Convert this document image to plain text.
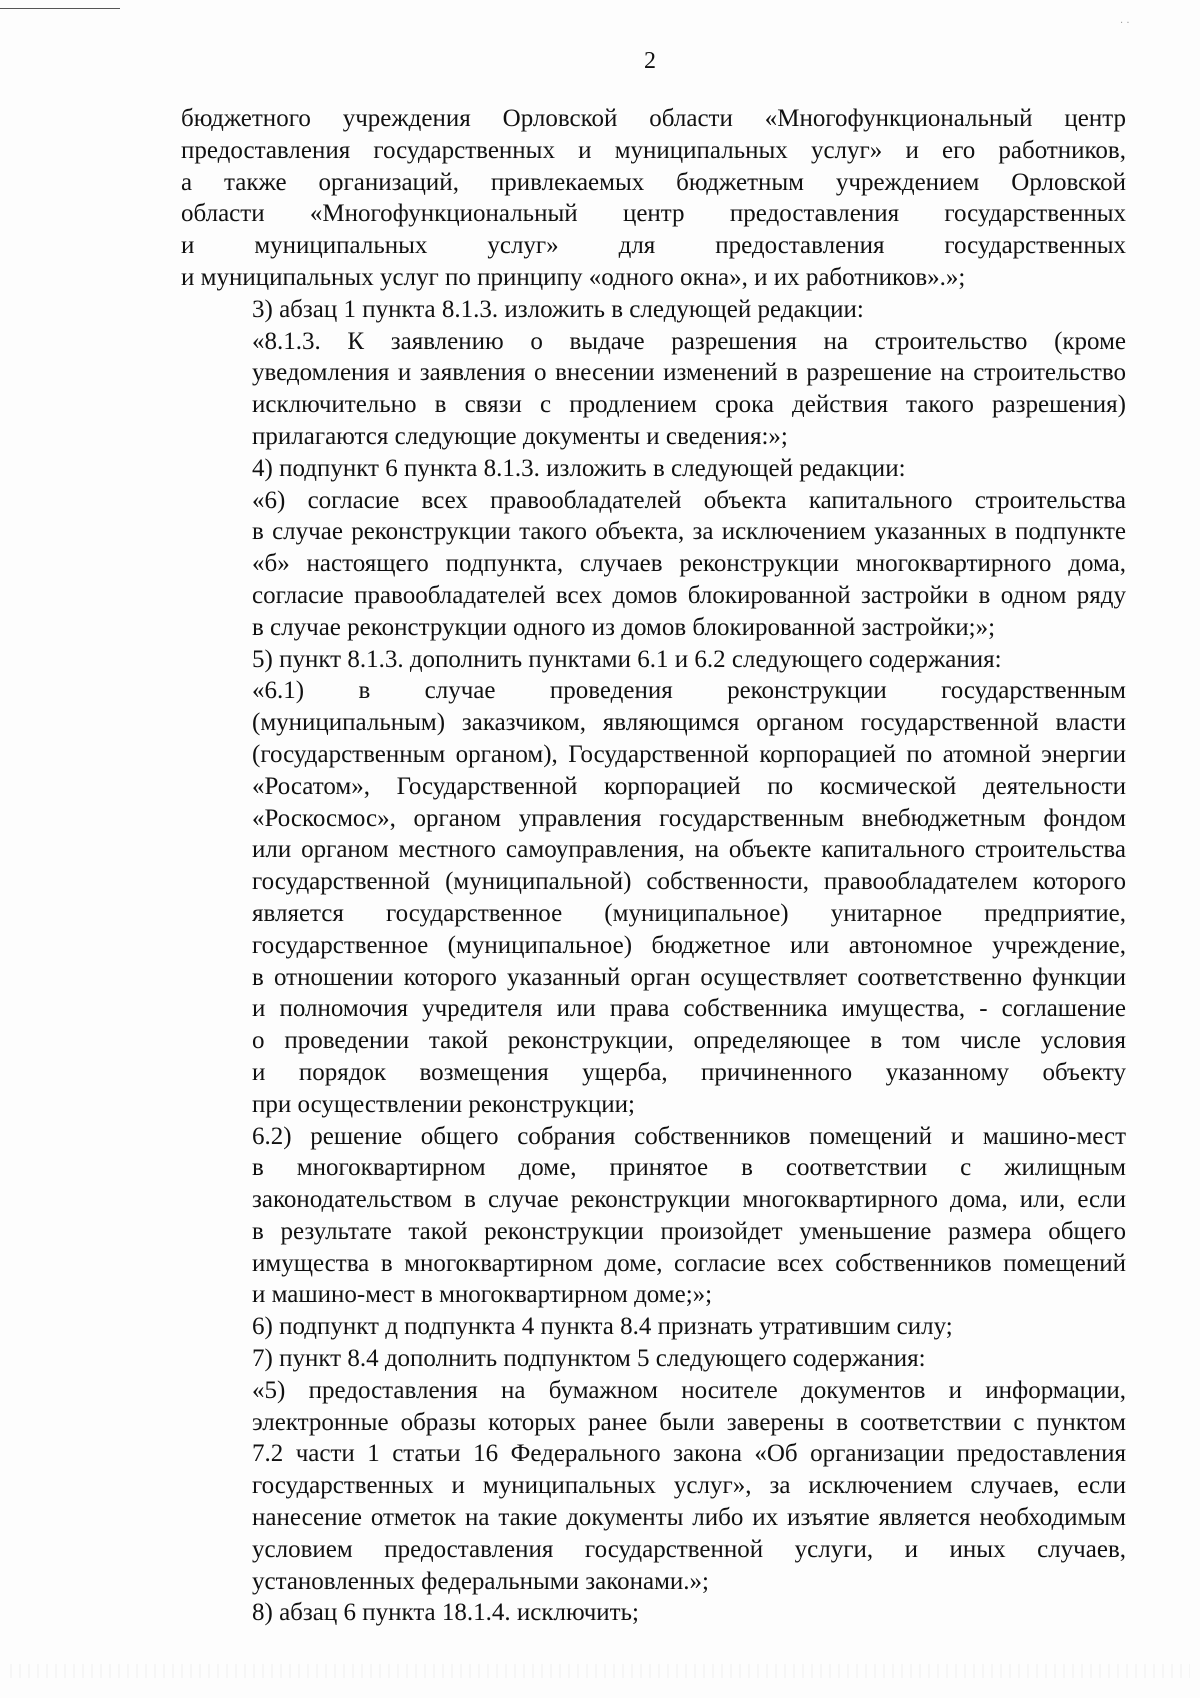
· ·
2
бюджетного учреждения Орловской области «Многофункциональный центр
предоставления государственных и муниципальных услуг» и его работников,
а также организаций, привлекаемых бюджетным учреждением Орловской
области «Многофункциональный центр предоставления государственных
и муниципальных услуг» для предоставления государственных
и муниципальных услуг по принципу «одного окна», и их работников».»;
3) абзац 1 пункта 8.1.3. изложить в следующей редакции:
«8.1.3. К заявлению о выдаче разрешения на строительство (кроме
уведомления и заявления о внесении изменений в разрешение на строительство
исключительно в связи с продлением срока действия такого разрешения)
прилагаются следующие документы и сведения:»;
4) подпункт 6 пункта 8.1.3. изложить в следующей редакции:
«6) согласие всех правообладателей объекта капитального строительства
в случае реконструкции такого объекта, за исключением указанных в подпункте
«б» настоящего подпункта, случаев реконструкции многоквартирного дома,
согласие правообладателей всех домов блокированной застройки в одном ряду
в случае реконструкции одного из домов блокированной застройки;»;
5) пункт 8.1.3. дополнить пунктами 6.1 и 6.2 следующего содержания:
«6.1) в случае проведения реконструкции государственным
(муниципальным) заказчиком, являющимся органом государственной власти
(государственным органом), Государственной корпорацией по атомной энергии
«Росатом», Государственной корпорацией по космической деятельности
«Роскосмос», органом управления государственным внебюджетным фондом
или органом местного самоуправления, на объекте капитального строительства
государственной (муниципальной) собственности, правообладателем которого
является государственное (муниципальное) унитарное предприятие,
государственное (муниципальное) бюджетное или автономное учреждение,
в отношении которого указанный орган осуществляет соответственно функции
и полномочия учредителя или права собственника имущества, - соглашение
о проведении такой реконструкции, определяющее в том числе условия
и порядок возмещения ущерба, причиненного указанному объекту
при осуществлении реконструкции;
6.2) решение общего собрания собственников помещений и машино-мест
в многоквартирном доме, принятое в соответствии с жилищным
законодательством в случае реконструкции многоквартирного дома, или, если
в результате такой реконструкции произойдет уменьшение размера общего
имущества в многоквартирном доме, согласие всех собственников помещений
и машино-мест в многоквартирном доме;»;
6) подпункт д подпункта 4 пункта 8.4 признать утратившим силу;
7) пункт 8.4 дополнить подпунктом 5 следующего содержания:
«5) предоставления на бумажном носителе документов и информации,
электронные образы которых ранее были заверены в соответствии с пунктом
7.2 части 1 статьи 16 Федерального закона «Об организации предоставления
государственных и муниципальных услуг», за исключением случаев, если
нанесение отметок на такие документы либо их изъятие является необходимым
условием предоставления государственной услуги, и иных случаев,
установленных федеральными законами.»;
8) абзац 6 пункта 18.1.4. исключить;
